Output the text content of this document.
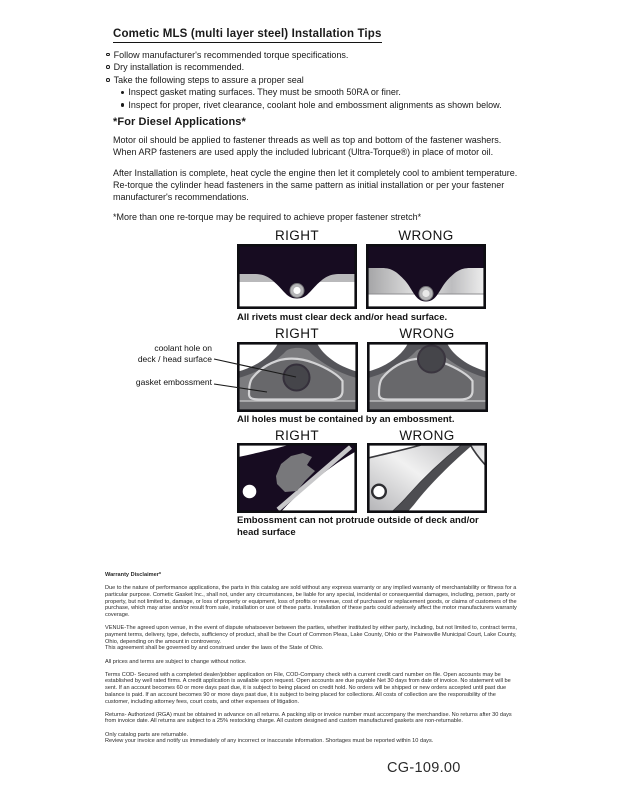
Cometic MLS (multi layer steel) Installation Tips
Follow manufacturer's recommended torque specifications.
Dry installation is recommended.
Take the following steps to assure a proper seal
Inspect gasket mating surfaces. They must be smooth 50RA or finer.
Inspect for proper, rivet clearance, coolant hole and embossment alignments as shown below.
*For Diesel Applications*
Motor oil should be applied to fastener threads as well as top and bottom of the fastener washers. When ARP fasteners are used apply the included lubricant (Ultra-Torque®) in place of motor oil.
After Installation is complete, heat cycle the engine then let it completely cool to ambient temperature. Re-torque the cylinder head fasteners in the same pattern as initial installation or per your fastener manufacturer's recommendations.
*More than one re-torque may be required to achieve proper fastener stretch*
RIGHT	WRONG
All rivets must clear deck and/or head surface.
RIGHT	WRONG
coolant hole on
deck / head surface
gasket embossment
All holes must be contained by an embossment.
RIGHT	WRONG
Embossment can not protrude outside of deck and/or head surface
Warranty Disclaimer*
Due to the nature of performance applications, the parts in this catalog are sold without any express warranty or any implied warranty of merchantability or fitness for a particular purpose. Cometic Gasket Inc., shall not, under any circumstances, be liable for any special, incidental or consequential damages, including, person, party or property, but not limited to, damage, or loss of property or equipment, loss of profits or revenue, cost of purchased or replacement goods, or claims of customers of the purchase, which may arise and/or result from sale, installation or use of these parts. Installation of these parts could adversely affect the motor manufacturers warranty coverage.
VENUE-The agreed upon venue, in the event of dispute whatsoever between the parties, whether instituted by either party, including, but not limited to, contract terms, payment terms, delivery, type, defects, sufficiency of product, shall be the Court of Common Pleas, Lake County, Ohio or the Painesville Municipal Court, Lake County, Ohio, depending on the amount in controversy.
This agreement shall be governed by and construed under the laws of the State of Ohio.
All prices and terms are subject to change without notice.
Terms COD- Secured with a completed dealer/jobber application on File, COD-Company check with a current credit card number on file. Open accounts may be established by well rated firms. A credit application is available upon request. Open accounts are due payable Net 30 days from date of invoice. No statement will be sent. If an account becomes 60 or more days past due, it is subject to being placed on credit hold. No orders will be shipped or new orders accepted until past due balance is paid. If an account becomes 90 or more days past due, it is subject to being placed for collections. All costs of collection are the responsibility of the customer, including attorney fees, court costs, and other expenses of litigation.
Returns- Authorized (RGA) must be obtained in advance on all returns. A packing slip or invoice number must accompany the merchandise. No returns after 30 days from invoice date. All returns are subject to a 25% restocking charge. All custom designed and custom manufactured gaskets are non-returnable.
Only catalog parts are returnable.
Review your invoice and notify us immediately of any incorrect or inaccurate information. Shortages must be reported within 10 days.
CG-109.00
